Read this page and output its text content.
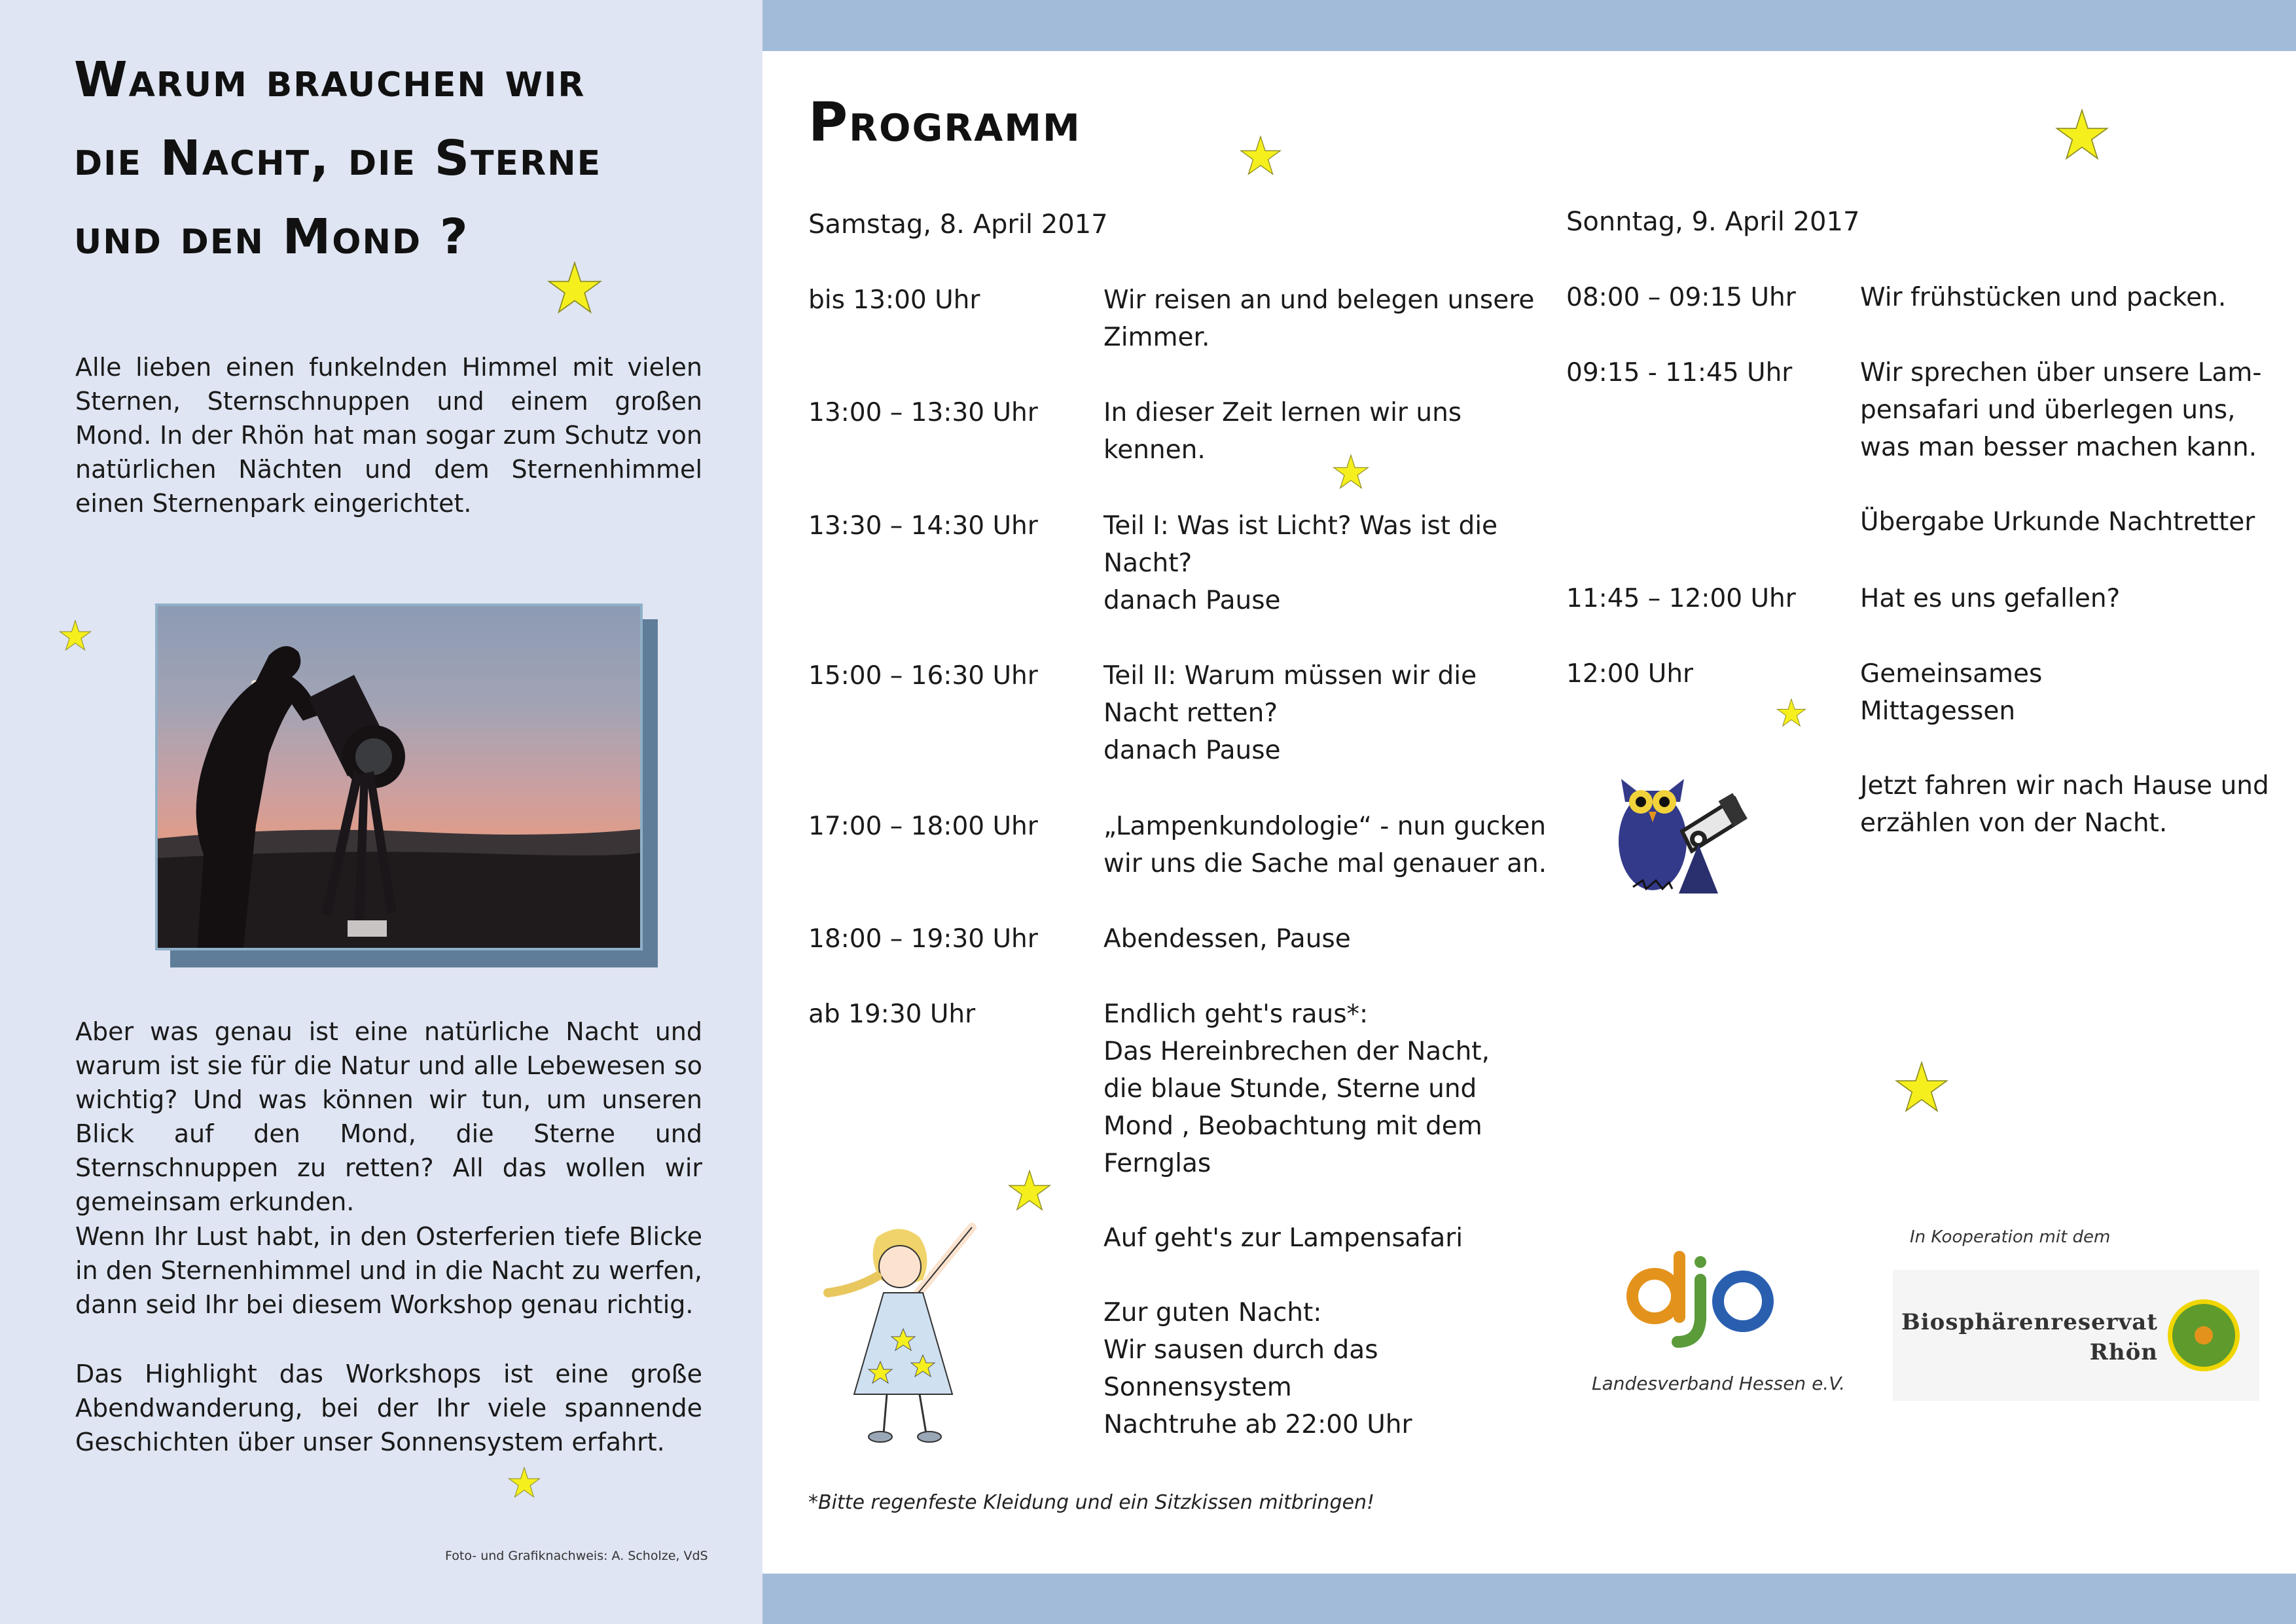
Warum brauchen wir
die Nacht, die Sterne
und den Mond ?

Alle lieben einen funkelnden Himmel mit vielen Sternen, Sternschnuppen und einem großen Mond. In der Rhön hat man sogar zum Schutz von natürlichen Nächten und dem Sternenhimmel einen Sternenpark eingerichtet.

Aber was genau ist eine natürliche Nacht und warum ist sie für die Natur und alle Lebewesen so wichtig? Und was können wir tun, um unseren Blick auf den Mond, die Sterne und Sternschnuppen zu retten? All das wollen wir gemeinsam erkunden.

Wenn Ihr Lust habt, in den Osterferien tiefe Blicke in den Sternenhimmel und in die Nacht zu werfen, dann seid Ihr bei diesem Workshop genau richtig.

Das Highlight das Workshops ist eine große Abendwanderung, bei der Ihr viele spannende Geschichten über unser Sonnensystem erfahrt.

Foto- und Grafiknachweis: A. Scholze, VdS
Programm
Samstag, 8. April 2017	Sonntag, 9. April 2017
bis 13:00 Uhr	Wir reisen an und belegen unsere
Zimmer.
13:00 – 13:30 Uhr	In dieser Zeit lernen wir uns
kennen.
13:30 – 14:30 Uhr	Teil I: Was ist Licht? Was ist die
Nacht?
danach Pause
15:00 – 16:30 Uhr	Teil II: Warum müssen wir die
Nacht retten?
danach Pause
17:00 – 18:00 Uhr	„Lampenkundologie“ - nun gucken
wir uns die Sache mal genauer an.
18:00 – 19:30 Uhr	Abendessen, Pause
ab 19:30 Uhr	Endlich geht's raus*:
Das Hereinbrechen der Nacht,
die blaue Stunde, Sterne und
Mond , Beobachtung mit dem
Fernglas
Auf geht's zur Lampensafari
Zur guten Nacht:
Wir sausen durch das
Sonnensystem
Nachtruhe ab 22:00 Uhr
08:00 – 09:15 Uhr	Wir frühstücken und packen.
09:15 - 11:45 Uhr	Wir sprechen über unsere Lam-
pensafari und überlegen uns,
was man besser machen kann.
Übergabe Urkunde Nachtretter
11:45 – 12:00 Uhr	Hat es uns gefallen?
12:00 Uhr	Gemeinsames
Mittagessen
Jetzt fahren wir nach Hause und
erzählen von der Nacht.
*Bitte regenfeste Kleidung und ein Sitzkissen mitbringen!
In Kooperation mit dem
Landesverband Hessen e.V.
Biosphärenreservat
Rhön
